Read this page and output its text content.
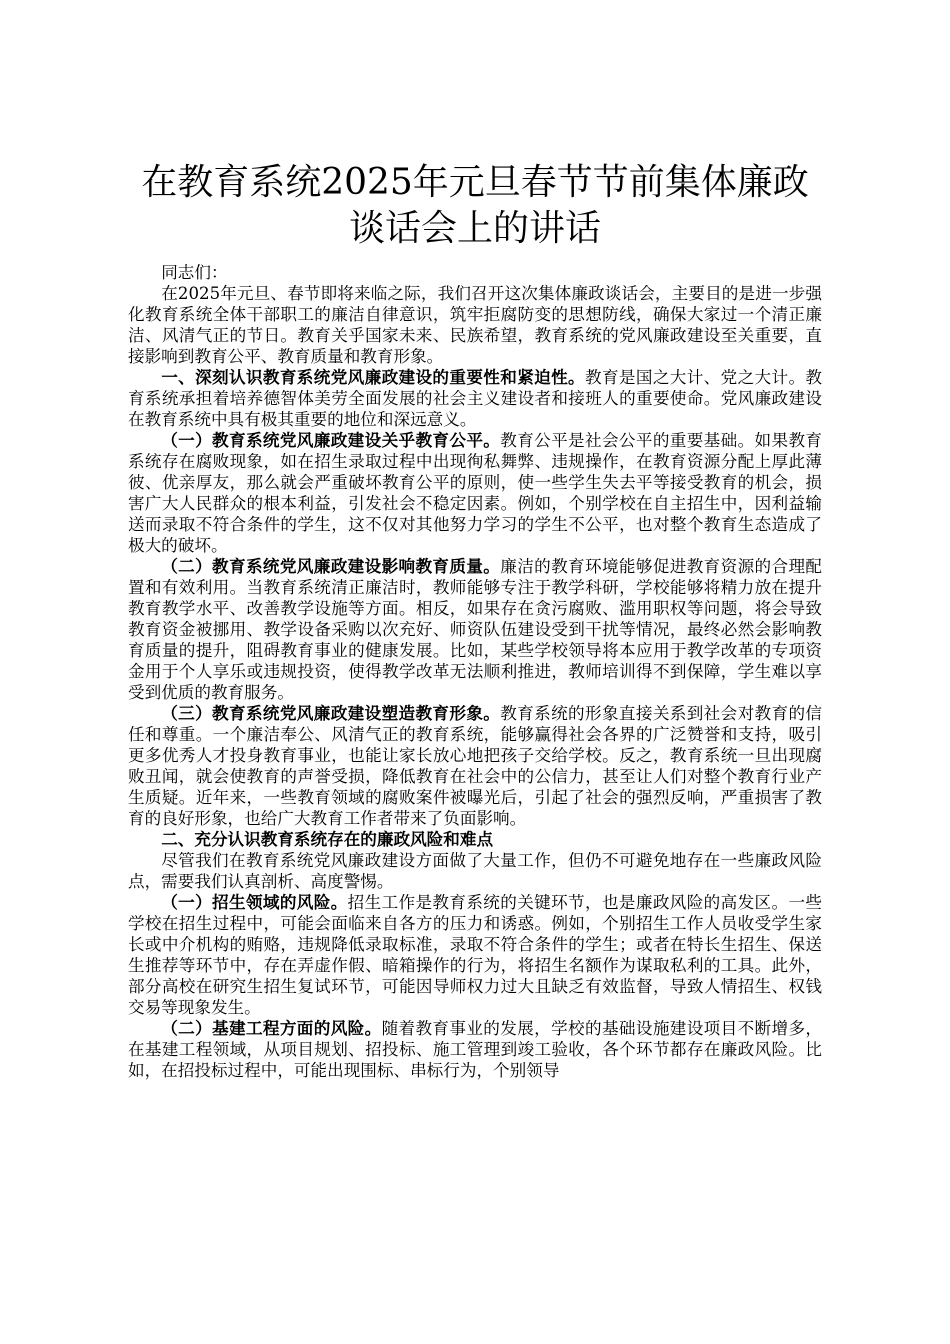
在教育系统2025年元旦春节节前集体廉政谈话会上的讲话

同志们：

在2025年元旦、春节即将来临之际，我们召开这次集体廉政谈话会，主要目的是进一步强化教育系统全体干部职工的廉洁自律意识，筑牢拒腐防变的思想防线，确保大家过一个清正廉洁、风清气正的节日。教育关乎国家未来、民族希望，教育系统的党风廉政建设至关重要，直接影响到教育公平、教育质量和教育形象。

一、深刻认识教育系统党风廉政建设的重要性和紧迫性。教育是国之大计、党之大计。教育系统承担着培养德智体美劳全面发展的社会主义建设者和接班人的重要使命。党风廉政建设在教育系统中具有极其重要的地位和深远意义。

（一）教育系统党风廉政建设关乎教育公平。教育公平是社会公平的重要基础。如果教育系统存在腐败现象，如在招生录取过程中出现徇私舞弊、违规操作，在教育资源分配上厚此薄彼、优亲厚友，那么就会严重破坏教育公平的原则，使一些学生失去平等接受教育的机会，损害广大人民群众的根本利益，引发社会不稳定因素。例如，个别学校在自主招生中，因利益输送而录取不符合条件的学生，这不仅对其他努力学习的学生不公平，也对整个教育生态造成了极大的破坏。

（二）教育系统党风廉政建设影响教育质量。廉洁的教育环境能够促进教育资源的合理配置和有效利用。当教育系统清正廉洁时，教师能够专注于教学科研，学校能够将精力放在提升教育教学水平、改善教学设施等方面。相反，如果存在贪污腐败、滥用职权等问题，将会导致教育资金被挪用、教学设备采购以次充好、师资队伍建设受到干扰等情况，最终必然会影响教育质量的提升，阻碍教育事业的健康发展。比如，某些学校领导将本应用于教学改革的专项资金用于个人享乐或违规投资，使得教学改革无法顺利推进，教师培训得不到保障，学生难以享受到优质的教育服务。

（三）教育系统党风廉政建设塑造教育形象。教育系统的形象直接关系到社会对教育的信任和尊重。一个廉洁奉公、风清气正的教育系统，能够赢得社会各界的广泛赞誉和支持，吸引更多优秀人才投身教育事业，也能让家长放心地把孩子交给学校。反之，教育系统一旦出现腐败丑闻，就会使教育的声誉受损，降低教育在社会中的公信力，甚至让人们对整个教育行业产生质疑。近年来，一些教育领域的腐败案件被曝光后，引起了社会的强烈反响，严重损害了教育的良好形象，也给广大教育工作者带来了负面影响。

二、充分认识教育系统存在的廉政风险和难点

尽管我们在教育系统党风廉政建设方面做了大量工作，但仍不可避免地存在一些廉政风险点，需要我们认真剖析、高度警惕。

（一）招生领域的风险。招生工作是教育系统的关键环节，也是廉政风险的高发区。一些学校在招生过程中，可能会面临来自各方的压力和诱惑。例如，个别招生工作人员收受学生家长或中介机构的贿赂，违规降低录取标准，录取不符合条件的学生；或者在特长生招生、保送生推荐等环节中，存在弄虚作假、暗箱操作的行为，将招生名额作为谋取私利的工具。此外，部分高校在研究生招生复试环节，可能因导师权力过大且缺乏有效监督，导致人情招生、权钱交易等现象发生。

（二）基建工程方面的风险。随着教育事业的发展，学校的基础设施建设项目不断增多，在基建工程领域，从项目规划、招投标、施工管理到竣工验收，各个环节都存在廉政风险。比如，在招投标过程中，可能出现围标、串标行为，个别领导
